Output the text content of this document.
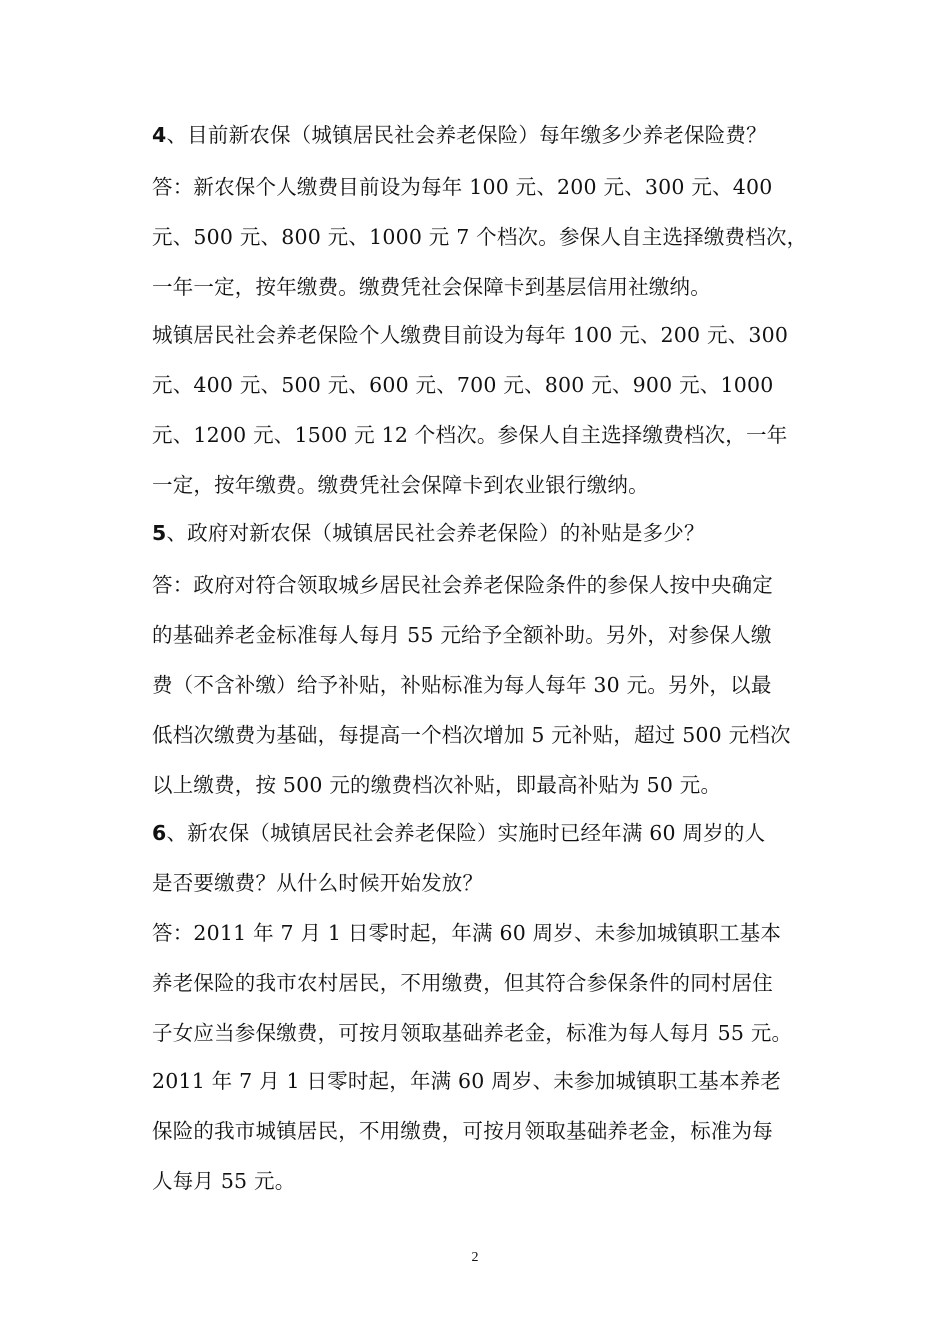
2
4、目前新农保（城镇居民社会养老保险）每年缴多少养老保险费？
答：新农保个人缴费目前设为每年 100 元、200 元、300 元、400
元、500 元、800 元、1000 元 7 个档次。参保人自主选择缴费档次，
一年一定，按年缴费。缴费凭社会保障卡到基层信用社缴纳。
城镇居民社会养老保险个人缴费目前设为每年 100 元、200 元、300
元、400 元、500 元、600 元、700 元、800 元、900 元、1000
元、1200 元、1500 元 12 个档次。参保人自主选择缴费档次，一年
一定，按年缴费。缴费凭社会保障卡到农业银行缴纳。
5、政府对新农保（城镇居民社会养老保险）的补贴是多少？
答：政府对符合领取城乡居民社会养老保险条件的参保人按中央确定
的基础养老金标准每人每月 55 元给予全额补助。另外，对参保人缴
费（不含补缴）给予补贴，补贴标准为每人每年 30 元。另外，以最
低档次缴费为基础，每提高一个档次增加 5 元补贴，超过 500 元档次
以上缴费，按 500 元的缴费档次补贴，即最高补贴为 50 元。
6、新农保（城镇居民社会养老保险）实施时已经年满 60 周岁的人
是否要缴费？从什么时候开始发放？
答：2011 年 7 月 1 日零时起，年满 60 周岁、未参加城镇职工基本
养老保险的我市农村居民，不用缴费，但其符合参保条件的同村居住
子女应当参保缴费，可按月领取基础养老金，标准为每人每月 55 元。
2011 年 7 月 1 日零时起，年满 60 周岁、未参加城镇职工基本养老
保险的我市城镇居民，不用缴费，可按月领取基础养老金，标准为每
人每月 55 元。
